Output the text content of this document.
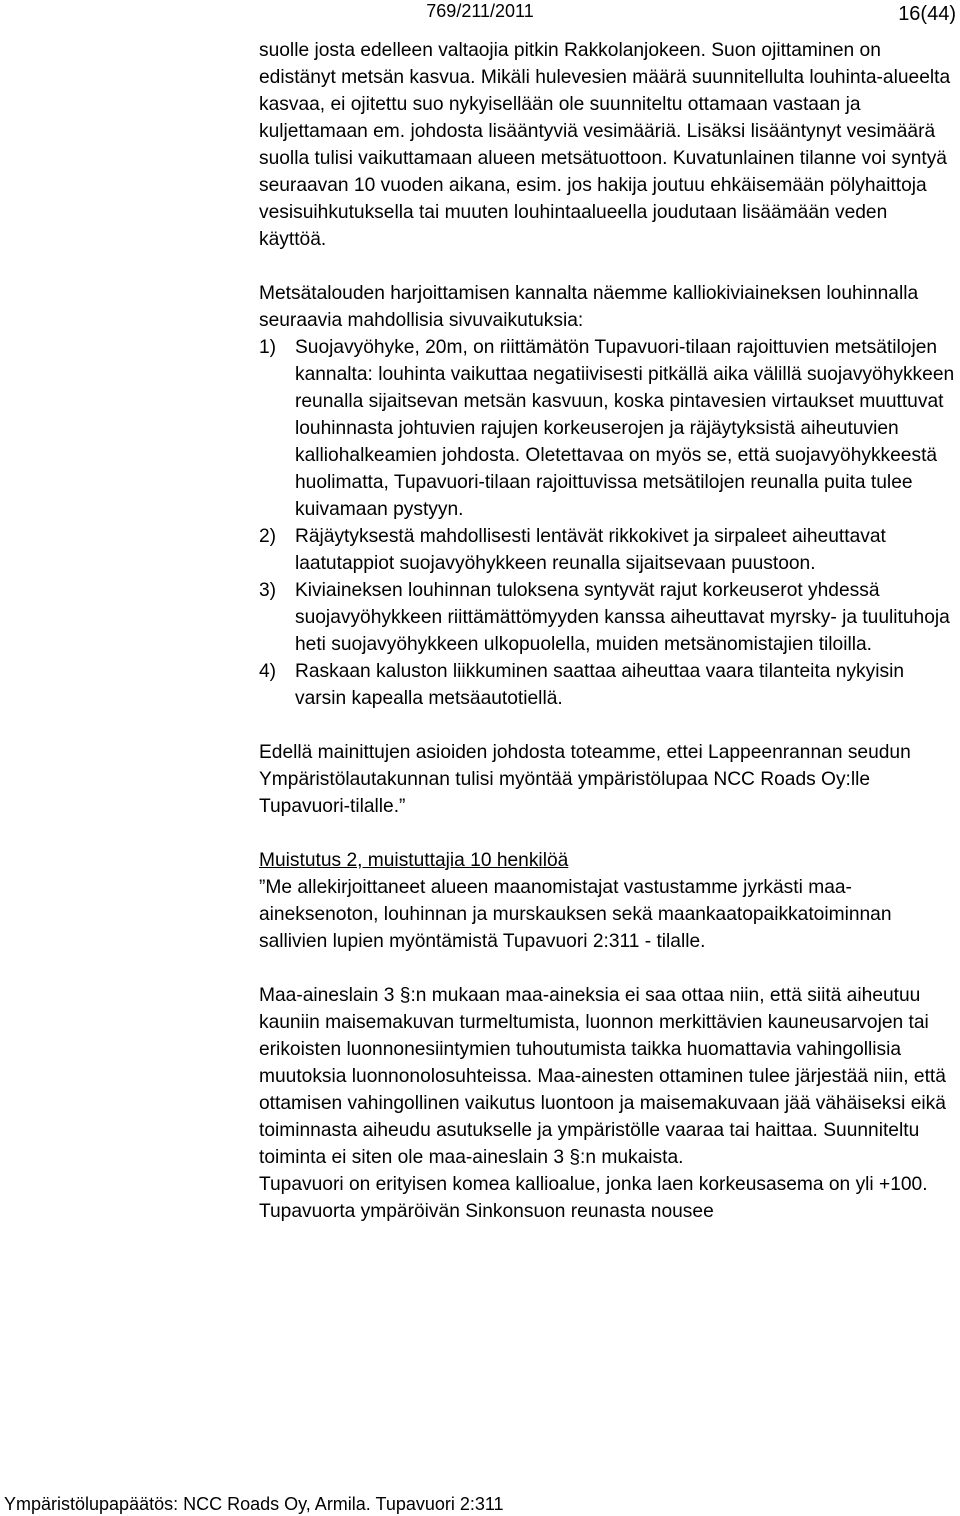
769/211/2011	16(44)

suolle josta edelleen valtaojia pitkin Rakkolanjokeen. Suon ojittaminen on edistänyt metsän kasvua. Mikäli hulevesien määrä suunnitellulta louhinta-alueelta kasvaa, ei ojitettu suo nykyisellään ole suunniteltu ottamaan vastaan ja kuljettamaan em. johdosta lisääntyviä vesimääriä. Lisäksi lisääntynyt vesimäärä suolla tulisi vaikuttamaan alueen metsätuottoon. Kuvatunlainen tilanne voi syntyä seuraavan 10 vuoden aikana, esim. jos hakija joutuu ehkäisemään pölyhaittoja vesisuihkutuksella tai muuten louhintaalueella joudutaan lisäämään veden käyttöä.

Metsätalouden harjoittamisen kannalta näemme kalliokiviaineksen louhinnalla seuraavia mahdollisia sivuvaikutuksia:

1) Suojavyöhyke, 20m, on riittämätön Tupavuori-tilaan rajoittuvien metsätilojen kannalta: louhinta vaikuttaa negatiivisesti pitkällä aika välillä suojavyöhykkeen reunalla sijaitsevan metsän kasvuun, koska pintavesien virtaukset muuttuvat louhinnasta johtuvien rajujen korkeuserojen ja räjäytyksistä aiheutuvien kalliohalkeamien johdosta. Oletettavaa on myös se, että suojavyöhykkeestä huolimatta, Tupavuori-tilaan rajoittuvissa metsätilojen reunalla puita tulee kuivamaan pystyyn.
2) Räjäytyksestä mahdollisesti lentävät rikkokivet ja sirpaleet aiheuttavat laatutappiot suojavyöhykkeen reunalla sijaitsevaan puustoon.
3) Kiviaineksen louhinnan tuloksena syntyvät rajut korkeuserot yhdessä suojavyöhykkeen riittämättömyyden kanssa aiheuttavat myrsky- ja tuulituhoja heti suojavyöhykkeen ulkopuolella, muiden metsänomistajien tiloilla.
4) Raskaan kaluston liikkuminen saattaa aiheuttaa vaara tilanteita nykyisin varsin kapealla metsäautotiellä.

Edellä mainittujen asioiden johdosta toteamme, ettei Lappeenrannan seudun Ympäristölautakunnan tulisi myöntää ympäristölupaa NCC Roads Oy:lle Tupavuori-tilalle.”

Muistutus 2, muistuttajia 10 henkilöä

”Me allekirjoittaneet alueen maanomistajat vastustamme jyrkästi maa-aineksenoton, louhinnan ja murskauksen sekä maankaatopaikkatoiminnan sallivien lupien myöntämistä Tupavuori 2:311 - tilalle.

Maa-aineslain 3 §:n mukaan maa-aineksia ei saa ottaa niin, että siitä aiheutuu kauniin maisemakuvan turmeltumista, luonnon merkittävien kauneusarvojen tai erikoisten luonnonesiintymien tuhoutumista taikka huomattavia vahingollisia muutoksia luonnonolosuhteissa. Maa-ainesten ottaminen tulee järjestää niin, että ottamisen vahingollinen vaikutus luontoon ja maisemakuvaan jää vähäiseksi eikä toiminnasta aiheudu asutukselle ja ympäristölle vaaraa tai haittaa. Suunniteltu toiminta ei siten ole maa-aineslain 3 §:n mukaista.

Tupavuori on erityisen komea kallioalue, jonka laen korkeusasema on yli +100. Tupavuorta ympäröivän Sinkonsuon reunasta nousee

Ympäristölupapäätös: NCC Roads Oy, Armila. Tupavuori 2:311
